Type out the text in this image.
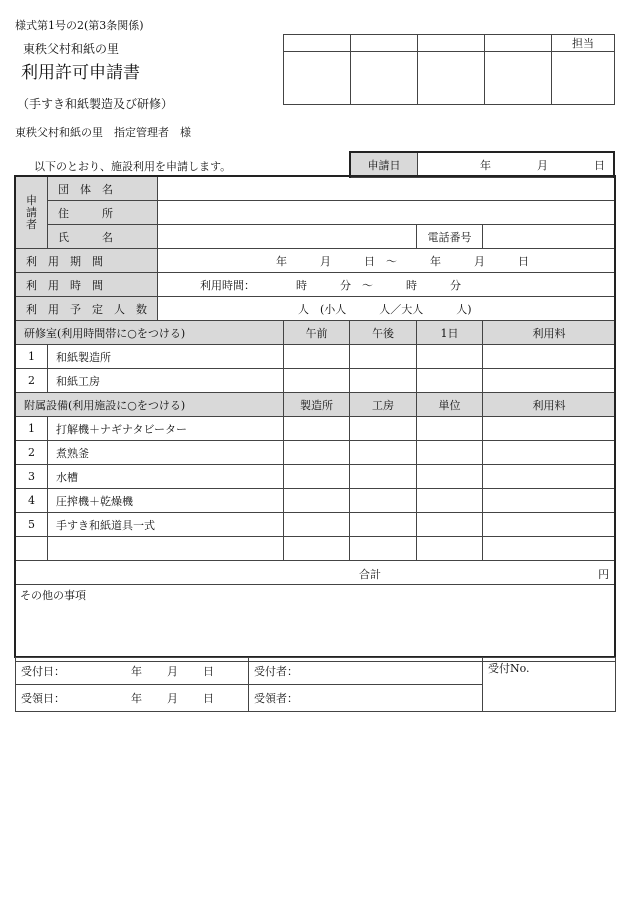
様式第1号の2(第3条関係)
東秩父村和紙の里
利用許可申請書
（手すき和紙製造及び研修）
東秩父村和紙の里　指定管理者　様
以下のとおり、施設利用を申請します。
				担当

申請日	年	月	日
申請者	団　体　名					
	住　　　所					
	氏　　　名				電話番号	
利　用　期　間		年　　　月　　　日　～　　　年　　　月　　　日				
利　用　時　間		利用時間： 時　　　分　～　　　時　　　分				
利　用　予　定　人　数		人　(小人　　　人／大人　　　人)				
研修室(利用時間帯に○をつける)			午前	午後	1日	利用料
1	和紙製造所					
2	和紙工房					
附属設備(利用施設に○をつける)			製造所	工房	単位	利用料
1	打解機＋ナギナタビーター					
2	煮熟釜					
3	水槽					
4	圧搾機＋乾燥機					
5	手すき和紙道具一式					

合計 円						

その他の事項						
受付日： 年 月 日	受付者：	受付No.

受領日： 年 月 日	受領者：	
